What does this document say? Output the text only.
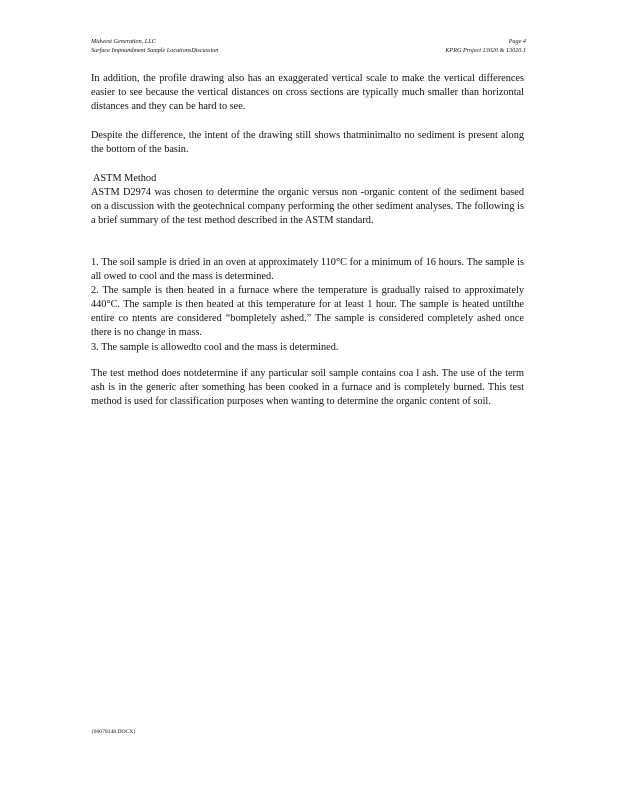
Midwest Generation, LLC
Surface Impoundment Sample LocationsDiscussion
Page 4
KPRG Project 13020 & 13020.1

In addition, the profile drawing also has an exaggerated vertical scale to make the vertical differences easier to see because the vertical distances on cross sections are typically much smaller than horizontal distances and they can be hard to see.

Despite the difference, the intent of the drawing still shows thatminimalto no sediment is present along the bottom of the basin.

ASTM Method

ASTM D2974 was chosen to determine the organic versus non -organic content of the sediment based on a discussion with the geotechnical company performing the other sediment analyses. The following is a brief summary of the test method described in the ASTM standard.

1. The soil sample is dried in an oven at approximately 110°C for a minimum of 16 hours. The sample is all owed to cool and the mass is determined.
2. The sample is then heated in a furnace where the temperature is gradually raised to approximately 440°C. The sample is then heated at this temperature for at least 1 hour. The sample is heated untilthe entire co ntents are considered “bompletely ashed.” The sample is considered completely ashed once there is no change in mass.
3. The sample is allowedto cool and the mass is determined.

The test method does notdetermine if any particular soil sample contains coa l ash. The use of the term ash is in the generic after something has been cooked in a furnace and is completely burned. This test method is used for classification purposes when wanting to determine the organic content of soil.

{00078348.DOCX}
